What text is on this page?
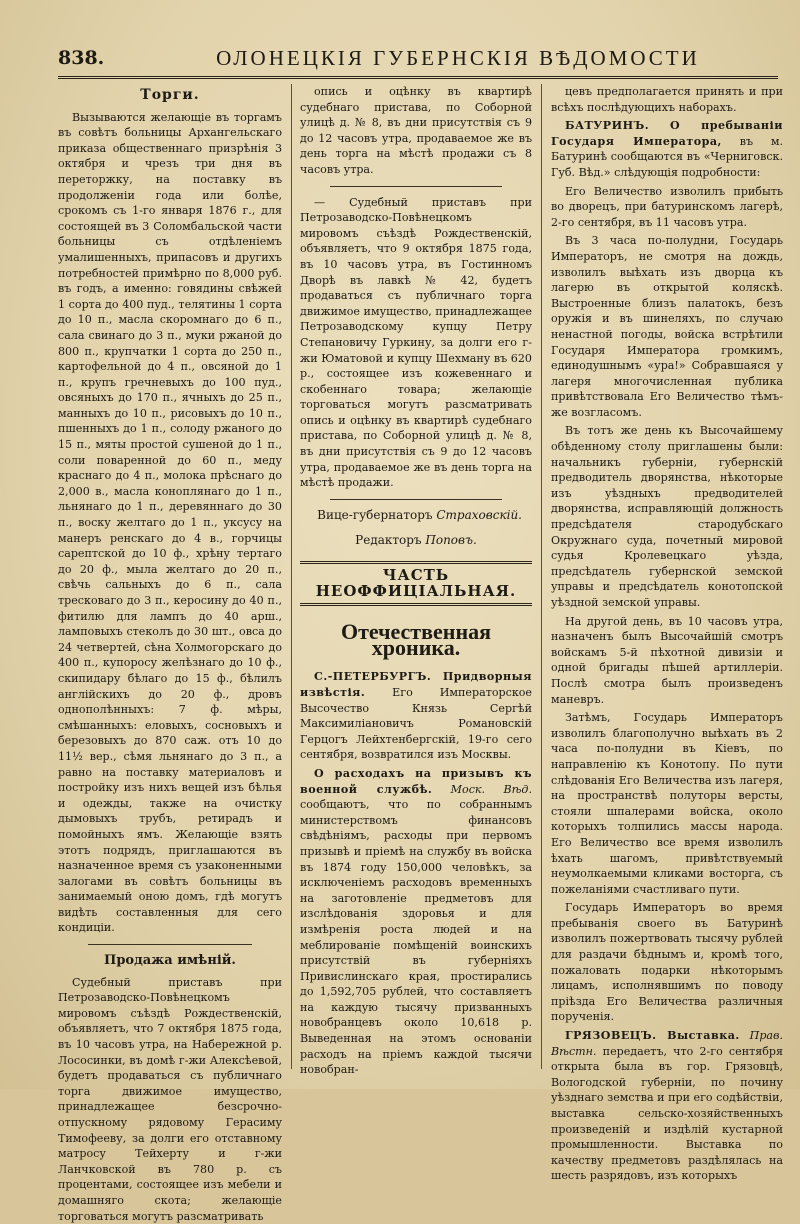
838.	ОЛОНЕЦКІЯ ГУБЕРНСКІЯ ВѢДОМОСТИ
Торги.

Вызываются желающіе въ торгамъ въ совѣтъ больницы Архангельскаго приказа общественнаго призрѣнія 3 октября и чрезъ три дня въ переторжку, на поставку въ продолженіи года или болѣе, срокомъ съ 1-го января 1876 г., для состоящей въ 3 Соломбальской части больницы съ отдѣленіемъ умалишенныхъ, припасовъ и другихъ потребностей примѣрно по 8,000 руб. въ годъ, а именно: говядины свѣжей 1 сорта до 400 пуд., телятины 1 сорта до 10 п., масла скоромнаго до 6 п., сала свинаго до 3 п., муки ржаной до 800 п., крупчатки 1 сорта до 250 п., картофельной до 4 п., овсяной до 1 п., крупъ гречневыхъ до 100 пуд., овсяныхъ до 170 п., ячныхъ до 25 п., манныхъ до 10 п., рисовыхъ до 10 п., пшенныхъ до 1 п., солоду ржаного до 15 п., мяты простой сушеной до 1 п., соли поваренной до 60 п., меду краснаго до 4 п., молока прѣснаго до 2,000 в., масла коноплянаго до 1 п., льнянаго до 1 п., деревяннаго до 30 п., воску желтаго до 1 п., уксусу на манеръ ренскаго до 4 в., горчицы сарептской до 10 ф., хрѣну тертаго до 20 ф., мыла желтаго до 20 п., свѣчь сальныхъ до 6 п., сала тресковаго до 3 п., керосину до 40 п., фитилю для лампъ до 40 арш., ламповыхъ стеколъ до 30 шт., овса до 24 четвертей, сѣна Холмогорскаго до 400 п., купоросу желѣзнаго до 10 ф., скипидару бѣлаго до 15 ф., бѣлилъ англійскихъ до 20 ф., дровъ однополѣнныхъ: 7 ф. мѣры, смѣшанныхъ: еловыхъ, сосновыхъ и березовыхъ до 870 саж. отъ 10 до 11½ вер., сѣмя льнянаго до 3 п., а равно на поставку материаловъ и постройку изъ нихъ вещей изъ бѣлья и одежды, также на очистку дымовыхъ трубъ, ретирадъ и помойныхъ ямъ. Желающіе взять этотъ подрядъ, приглашаются въ назначенное время съ узаконенными залогами въ совѣтъ больницы въ занимаемый оною домъ, гдѣ могутъ видѣть составленныя для сего кондиціи.

Продажа имѣній.

Судебный приставъ при Петрозаводско-Повѣнецкомъ мировомъ съѣздѣ Рождественскій, объявляетъ, что 7 октября 1875 года, въ 10 часовъ утра, на Набережной р. Лососинки, въ домѣ г-жи Алексѣевой, будетъ продаваться съ публичнаго торга движимое имущество, принадлежащее безсрочно-отпускному рядовому Герасиму Тимофееву, за долги его отставному матросу Тейхерту и г-жи Ланчковской въ 780 р. съ процентами, состоящее изъ мебели и домашняго скота; желающіе торговаться могутъ разсматривать

опись и оцѣнку въ квартирѣ судебнаго пристава, по Соборной улицѣ д. № 8, въ дни присутствія съ 9 до 12 часовъ утра, продаваемое же въ день торга на мѣстѣ продажи съ 8 часовъ утра.

— Судебный приставъ при Петрозаводско-Повѣнецкомъ мировомъ съѣздѣ Рождественскій, объявляетъ, что 9 октября 1875 года, въ 10 часовъ утра, въ Гостинномъ Дворѣ въ лавкѣ № 42, будетъ продаваться съ публичнаго торга движимое имущество, принадлежащее Петрозаводскому купцу Петру Степановичу Гуркину, за долги его г-жи Юматовой и купцу Шехману въ 620 р., состоящее изъ кожевеннаго и скобеннаго товара; желающіе торговаться могутъ разсматривать опись и оцѣнку въ квартирѣ судебнаго пристава, по Соборной улицѣ д. № 8, въ дни присутствія съ 9 до 12 часовъ утра, продаваемое же въ день торга на мѣстѣ продажи.

Вице-губернаторъ Страховскій.
Редакторъ Поповъ.
ЧАСТЬ НЕОФФИЦІАЛЬНАЯ.
Отечественная хроника.

С.-ПЕТЕРБУРГЪ. Придворныя извѣстія. Его Императорское Высочество Князь Сергѣй Максимиліановичъ Романовскій Герцогъ Лейхтенбергскій, 19-го сего сентября, возвратился изъ Москвы.

О расходахъ на призывъ къ военной службѣ. Моск. Вѣд. сообщаютъ, что по собраннымъ министерствомъ финансовъ свѣдѣніямъ, расходы при первомъ призывѣ и пріемѣ на службу въ войска въ 1874 году 150,000 человѣкъ, за исключеніемъ расходовъ временныхъ на заготовленіе предметовъ для изслѣдованія здоровья и для измѣренія роста людей и на меблированіе помѣщеній воинскихъ присутствій въ губерніяхъ Привислинскаго края, простирались до 1,592,705 рублей, что составляетъ на каждую тысячу призванныхъ новобранцевъ около 10,618 р. Выведенная на этомъ основаніи расходъ на пріемъ каждой тысячи новобран-

цевъ предполагается принять и при всѣхъ послѣдующихъ наборахъ.

БАТУРИНЪ. О пребываніи Государя Императора, въ м. Батуринѣ сообщаются въ «Черниговск. Губ. Вѣд.» слѣдующія подробности:

Его Величество изволилъ прибыть во дворецъ, при батуринскомъ лагерѣ, 2-го сентября, въ 11 часовъ утра.

Въ 3 часа по-полудни, Государь Императоръ, не смотря на дождь, изволилъ выѣхать изъ дворца къ лагерю въ открытой коляскѣ. Выстроенные близъ палатокъ, безъ оружія и въ шинеляхъ, по случаю ненастной погоды, войска встрѣтили Государя Императора громкимъ, единодушнымъ «ура!» Собравшаяся у лагеря многочисленная публика привѣтствовала Его Величество тѣмъ-же возгласомъ.

Въ тотъ же день къ Высочайшему обѣденному столу приглашены были: начальникъ губерніи, губернскій предводитель дворянства, нѣкоторые изъ уѣздныхъ предводителей дворянства, исправляющій должность предсѣдателя стародубскаго Окружнаго суда, почетный мировой судья Кролевецкаго уѣзда, предсѣдатель губернской земской управы и предсѣдатель конотопской уѣздной земской управы.

На другой день, въ 10 часовъ утра, назначенъ былъ Высочайшій смотръ войскамъ 5-й пѣхотной дивизіи и одной бригады пѣшей артиллеріи. Послѣ смотра былъ произведенъ маневръ.

Затѣмъ, Государь Императоръ изволилъ благополучно выѣхать въ 2 часа по-полудни въ Кіевъ, по направленію къ Конотопу. По пути слѣдованія Его Величества изъ лагеря, на пространствѣ полуторы версты, стояли шпалерами войска, около которыхъ толпились массы народа. Его Величество все время изволилъ ѣхать шагомъ, привѣтствуемый неумолкаемыми кликами восторга, съ пожеланіями счастливаго пути.

Государь Императоръ во время пребыванія своего въ Батуринѣ изволилъ пожертвовать тысячу рублей для раздачи бѣднымъ и, кромѣ того, пожаловать подарки нѣкоторымъ лицамъ, исполнявшимъ по поводу пріѣзда Его Величества различныя порученія.

ГРЯЗОВЕЦЪ. Выставка. Прав. Вѣстн. передаетъ, что 2-го сентября открыта была въ гор. Грязовцѣ, Вологодской губерніи, по почину уѣзднаго земства и при его содѣйствіи, выставка сельско-хозяйственныхъ произведеній и издѣлій кустарной промышленности. Выставка по качеству предметовъ раздѣлялась на шесть разрядовъ, изъ которыхъ
